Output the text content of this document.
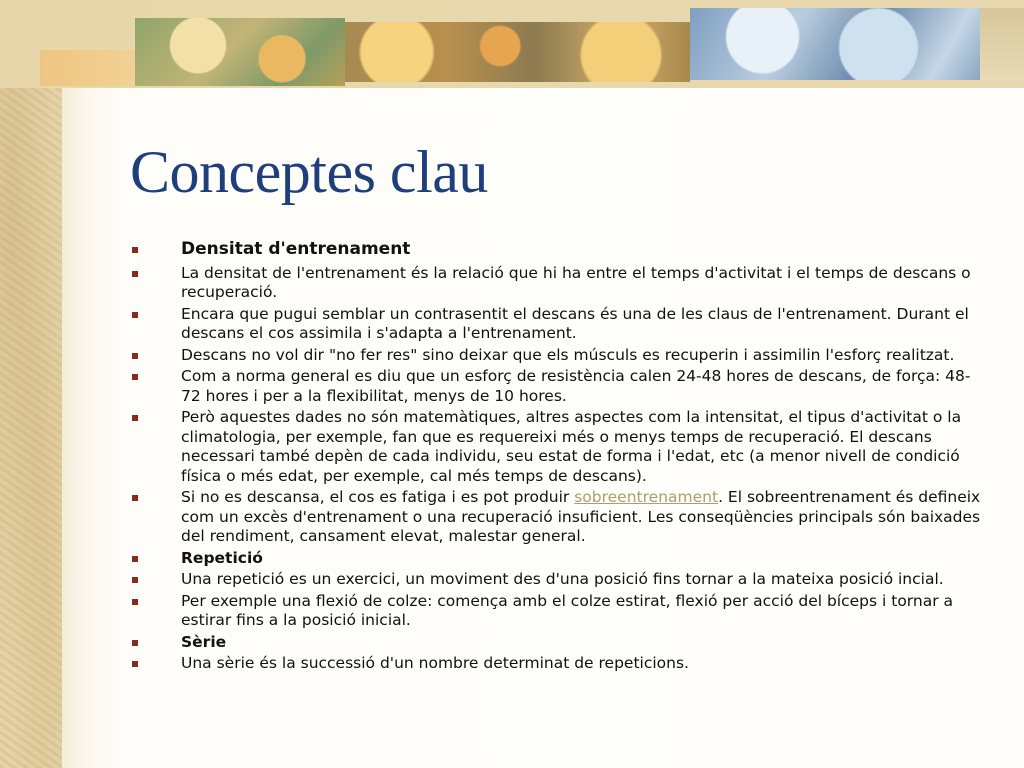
Conceptes clau
Densitat d'entrenament
La densitat de l'entrenament és la relació que hi ha entre el temps d'activitat i el temps de descans o recuperació.
Encara que pugui semblar un contrasentit el descans és una de les claus de l'entrenament. Durant el descans el cos assimila i s'adapta a l'entrenament.
Descans no vol dir "no fer res" sino deixar que els músculs es recuperin i assimilin l'esforç realitzat.
Com a norma general es diu que un esforç de resistència calen 24-48 hores de descans, de força: 48-72 hores i per a la flexibilitat, menys de 10 hores.
Però aquestes dades no són matemàtiques, altres aspectes com la intensitat, el tipus d'activitat o la climatologia, per exemple, fan que es requereixi més o menys temps de recuperació. El descans necessari també depèn de cada individu, seu estat de forma i l'edat, etc (a menor nivell de condició física o més edat, per exemple, cal més temps de descans).
Si no es descansa, el cos es fatiga i es pot produir sobreentrenament. El sobreentrenament és defineix com un excès d'entrenament o una recuperació insuficient. Les conseqüències principals són baixades del rendiment, cansament elevat, malestar general.
Repetició
Una repetició es un exercici, un moviment des d'una posició fins tornar a la mateixa posició incial.
Per exemple una flexió de colze: comença amb el colze estirat, flexió per acció del bíceps i tornar a estirar fins a la posició inicial.
Sèrie
Una sèrie és la successió d'un nombre determinat de repeticions.
